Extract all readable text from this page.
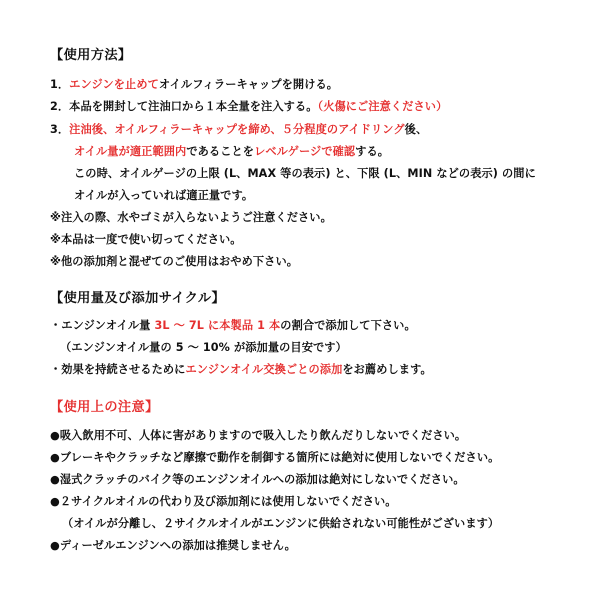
【使用方法】
1．エンジンを止めてオイルフィラーキャップを開ける。
2．本品を開封して注油口から１本全量を注入する。（火傷にご注意ください）
3．注油後、オイルフィラーキャップを締め、５分程度のアイドリング後、
オイル量が適正範囲内であることをレベルゲージで確認する。
この時、オイルゲージの上限 (L、MAX 等の表示) と、下限 (L、MIN などの表示) の間に
オイルが入っていれば適正量です。
※注入の際、水やゴミが入らないようご注意ください。
※本品は一度で使い切ってください。
※他の添加剤と混ぜてのご使用はおやめ下さい。
【使用量及び添加サイクル】
・エンジンオイル量 3L ～ 7L に本製品 1 本の割合で添加して下さい。
（エンジンオイル量の 5 ～ 10% が添加量の目安です）
・効果を持続させるためにエンジンオイル交換ごとの添加をお薦めします。
【使用上の注意】
●吸入飲用不可、人体に害がありますので吸入したり飲んだりしないでください。
●ブレーキやクラッチなど摩擦で動作を制御する箇所には絶対に使用しないでください。
●湿式クラッチのバイク等のエンジンオイルへの添加は絶対にしないでください。
●２サイクルオイルの代わり及び添加剤には使用しないでください。
（オイルが分離し、２サイクルオイルがエンジンに供給されない可能性がございます）
●ディーゼルエンジンへの添加は推奨しません。
